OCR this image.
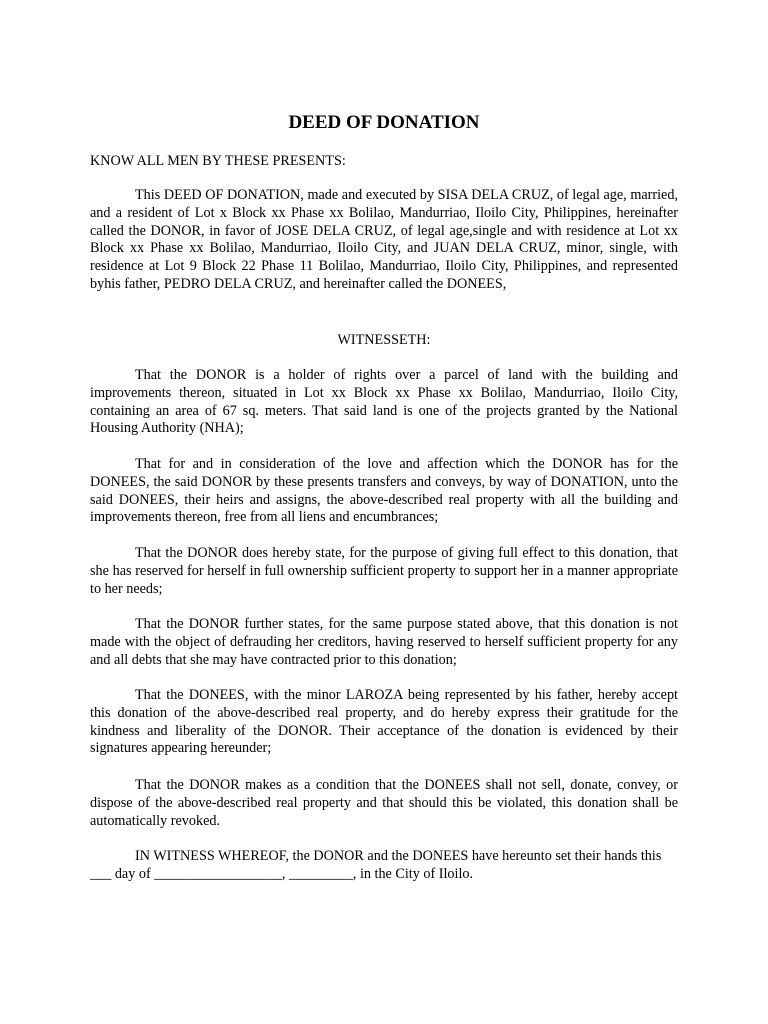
DEED OF DONATION

KNOW ALL MEN BY THESE PRESENTS:

This DEED OF DONATION, made and executed by SISA DELA CRUZ, of legal age, married, and a resident of Lot x Block xx Phase xx Bolilao, Mandurriao, Iloilo City, Philippines, hereinafter called the DONOR, in favor of JOSE DELA CRUZ, of legal age,single and with residence at Lot xx Block xx Phase xx Bolilao, Mandurriao, Iloilo City, and JUAN DELA CRUZ, minor, single, with residence at Lot 9 Block 22 Phase 11 Bolilao, Mandurriao, Iloilo City, Philippines, and represented byhis father, PEDRO DELA CRUZ, and hereinafter called the DONEES,

WITNESSETH:

That the DONOR is a holder of rights over a parcel of land with the building and improvements thereon, situated in Lot xx Block xx Phase xx Bolilao, Mandurriao, Iloilo City, containing an area of 67 sq. meters. That said land is one of the projects granted by the National Housing Authority (NHA);

That for and in consideration of the love and affection which the DONOR has for the DONEES, the said DONOR by these presents transfers and conveys, by way of DONATION, unto the said DONEES, their heirs and assigns, the above-described real property with all the building and improvements thereon, free from all liens and encumbrances;

That the DONOR does hereby state, for the purpose of giving full effect to this donation, that she has reserved for herself in full ownership sufficient property to support her in a manner appropriate to her needs;

That the DONOR further states, for the same purpose stated above, that this donation is not made with the object of defrauding her creditors, having reserved to herself sufficient property for any and all debts that she may have contracted prior to this donation;

That the DONEES, with the minor LAROZA being represented by his father, hereby accept this donation of the above-described real property, and do hereby express their gratitude for the kindness and liberality of the DONOR. Their acceptance of the donation is evidenced by their signatures appearing hereunder;

That the DONOR makes as a condition that the DONEES shall not sell, donate, convey, or dispose of the above-described real property and that should this be violated, this donation shall be automatically revoked.

IN WITNESS WHEREOF, the DONOR and the DONEES have hereunto set their hands this ___ day of __________________, _________, in the City of Iloilo.
